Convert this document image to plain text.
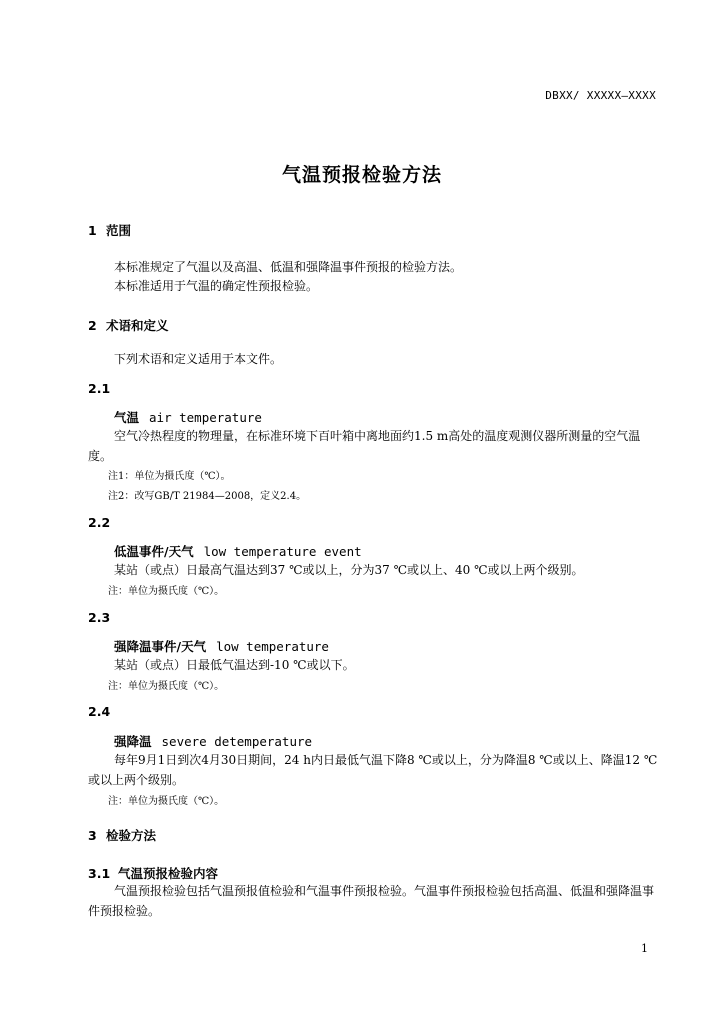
DBXX/ XXXXX—XXXX
气温预报检验方法
1 范围
本标准规定了气温以及高温、低温和强降温事件预报的检验方法。
本标准适用于气温的确定性预报检验。
2 术语和定义
下列术语和定义适用于本文件。
2.1
气温 air temperature
空气冷热程度的物理量，在标准环境下百叶箱中离地面约1.5 m高处的温度观测仪器所测量的空气温度。
注1：单位为摄氏度（℃）。
注2：改写GB/T 21984—2008，定义2.4。
2.2
低温事件/天气 low temperature event
某站（或点）日最高气温达到37 ℃或以上，分为37 ℃或以上、40 ℃或以上两个级别。
注：单位为摄氏度（℃）。
2.3
强降温事件/天气 low temperature
某站（或点）日最低气温达到-10 ℃或以下。
注：单位为摄氏度（℃）。
2.4
强降温 severe detemperature
每年9月1日到次4月30日期间，24 h内日最低气温下降8 ℃或以上，分为降温8 ℃或以上、降温12 ℃或以上两个级别。
注：单位为摄氏度（℃）。
3 检验方法
3.1 气温预报检验内容
气温预报检验包括气温预报值检验和气温事件预报检验。气温事件预报检验包括高温、低温和强降温事件预报检验。
1
